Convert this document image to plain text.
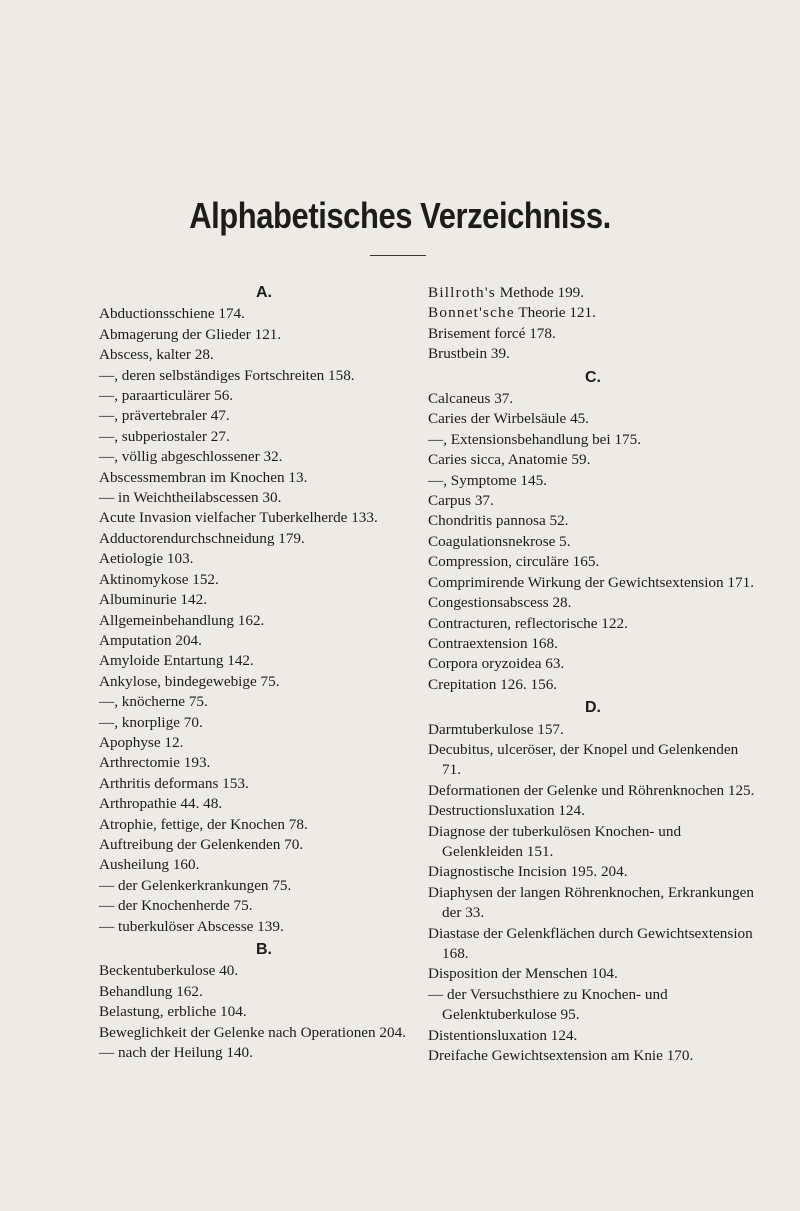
Alphabetisches Verzeichniss.

A.

Abductionsschiene 174.

Abmagerung der Glieder 121.

Abscess, kalter 28.

—, deren selbständiges Fortschreiten 158.

—, paraarticulärer 56.

—, prävertebraler 47.

—, subperiostaler 27.

—, völlig abgeschlossener 32.

Abscessmembran im Knochen 13.

— in Weichtheilabscessen 30.

Acute Invasion vielfacher Tuberkelherde 133.

Adductorendurchschneidung 179.

Aetiologie 103.

Aktinomykose 152.

Albuminurie 142.

Allgemeinbehandlung 162.

Amputation 204.

Amyloide Entartung 142.

Ankylose, bindegewebige 75.

—, knöcherne 75.

—, knorplige 70.

Apophyse 12.

Arthrectomie 193.

Arthritis deformans 153.

Arthropathie 44. 48.

Atrophie, fettige, der Knochen 78.

Auftreibung der Gelenkenden 70.

Ausheilung 160.

— der Gelenkerkrankungen 75.

— der Knochenherde 75.

— tuberkulöser Abscesse 139.

B.

Beckentuberkulose 40.

Behandlung 162.

Belastung, erbliche 104.

Beweglichkeit der Gelenke nach Operationen 204.

— nach der Heilung 140.

Billroth's Methode 199.

Bonnet'sche Theorie 121.

Brisement forcé 178.

Brustbein 39.

C.

Calcaneus 37.

Caries der Wirbelsäule 45.

—, Extensionsbehandlung bei 175.

Caries sicca, Anatomie 59.

—, Symptome 145.

Carpus 37.

Chondritis pannosa 52.

Coagulationsnekrose 5.

Compression, circuläre 165.

Comprimirende Wirkung der Gewichtsextension 171.

Congestionsabscess 28.

Contracturen, reflectorische 122.

Contraextension 168.

Corpora oryzoidea 63.

Crepitation 126. 156.

D.

Darmtuberkulose 157.

Decubitus, ulceröser, der Knopel und Gelenkenden 71.

Deformationen der Gelenke und Röhrenknochen 125.

Destructionsluxation 124.

Diagnose der tuberkulösen Knochen- und Gelenkleiden 151.

Diagnostische Incision 195. 204.

Diaphysen der langen Röhrenknochen, Erkrankungen der 33.

Diastase der Gelenkflächen durch Gewichtsextension 168.

Disposition der Menschen 104.

— der Versuchsthiere zu Knochen- und Gelenktuberkulose 95.

Distentionsluxation 124.

Dreifache Gewichtsextension am Knie 170.
